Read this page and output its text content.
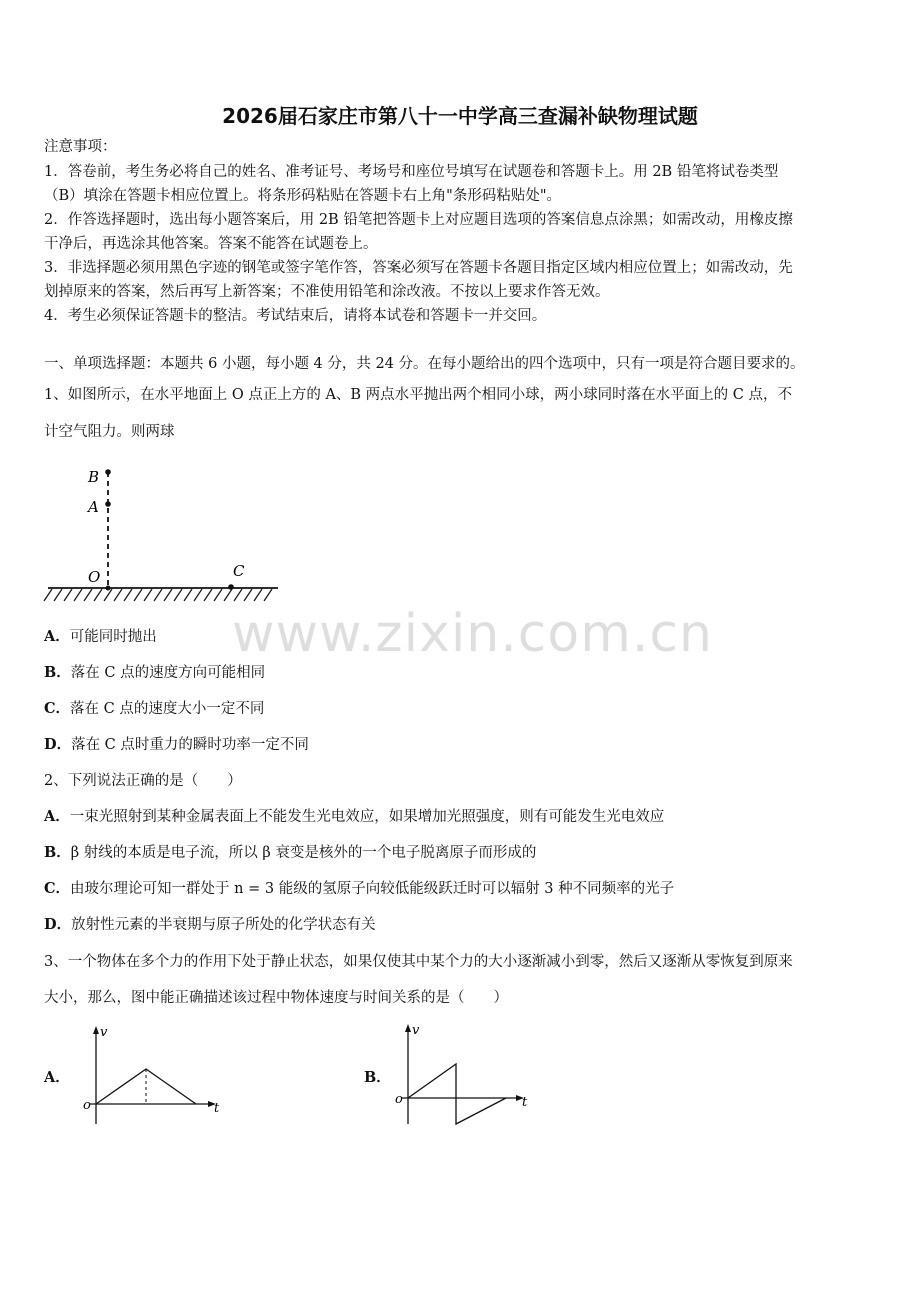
2026届石家庄市第八十一中学高三查漏补缺物理试题
注意事项：
1．答卷前，考生务必将自己的姓名、准考证号、考场号和座位号填写在试题卷和答题卡上。用 2B 铅笔将试卷类型
（B）填涂在答题卡相应位置上。将条形码粘贴在答题卡右上角"条形码粘贴处"。
2．作答选择题时，选出每小题答案后，用 2B 铅笔把答题卡上对应题目选项的答案信息点涂黑；如需改动，用橡皮擦
干净后，再选涂其他答案。答案不能答在试题卷上。
3．非选择题必须用黑色字迹的钢笔或签字笔作答，答案必须写在答题卡各题目指定区域内相应位置上；如需改动，先
划掉原来的答案，然后再写上新答案；不准使用铅笔和涂改液。不按以上要求作答无效。
4．考生必须保证答题卡的整洁。考试结束后，请将本试卷和答题卡一并交回。
一、单项选择题：本题共 6 小题，每小题 4 分，共 24 分。在每小题给出的四个选项中，只有一项是符合题目要求的。
1、如图所示，在水平地面上 O 点正上方的 A、B 两点水平抛出两个相同小球，两小球同时落在水平面上的 C 点，不
计空气阻力。则两球
B
A
O	C
www.zixin.com.cn
A．可能同时抛出
B．落在 C 点的速度方向可能相同
C．落在 C 点的速度大小一定不同
D．落在 C 点时重力的瞬时功率一定不同
2、下列说法正确的是（　　）
A．一束光照射到某种金属表面上不能发生光电效应，如果增加光照强度，则有可能发生光电效应
B．β 射线的本质是电子流，所以 β 衰变是核外的一个电子脱离原子而形成的
C．由玻尔理论可知一群处于 n = 3 能级的氢原子向较低能级跃迁时可以辐射 3 种不同频率的光子
D．放射性元素的半衰期与原子所处的化学状态有关
3、一个物体在多个力的作用下处于静止状态，如果仅使其中某个力的大小逐渐减小到零，然后又逐渐从零恢复到原来
大小，那么，图中能正确描述该过程中物体速度与时间关系的是（　　）
A．
v
t
o
B．
v
t
o
